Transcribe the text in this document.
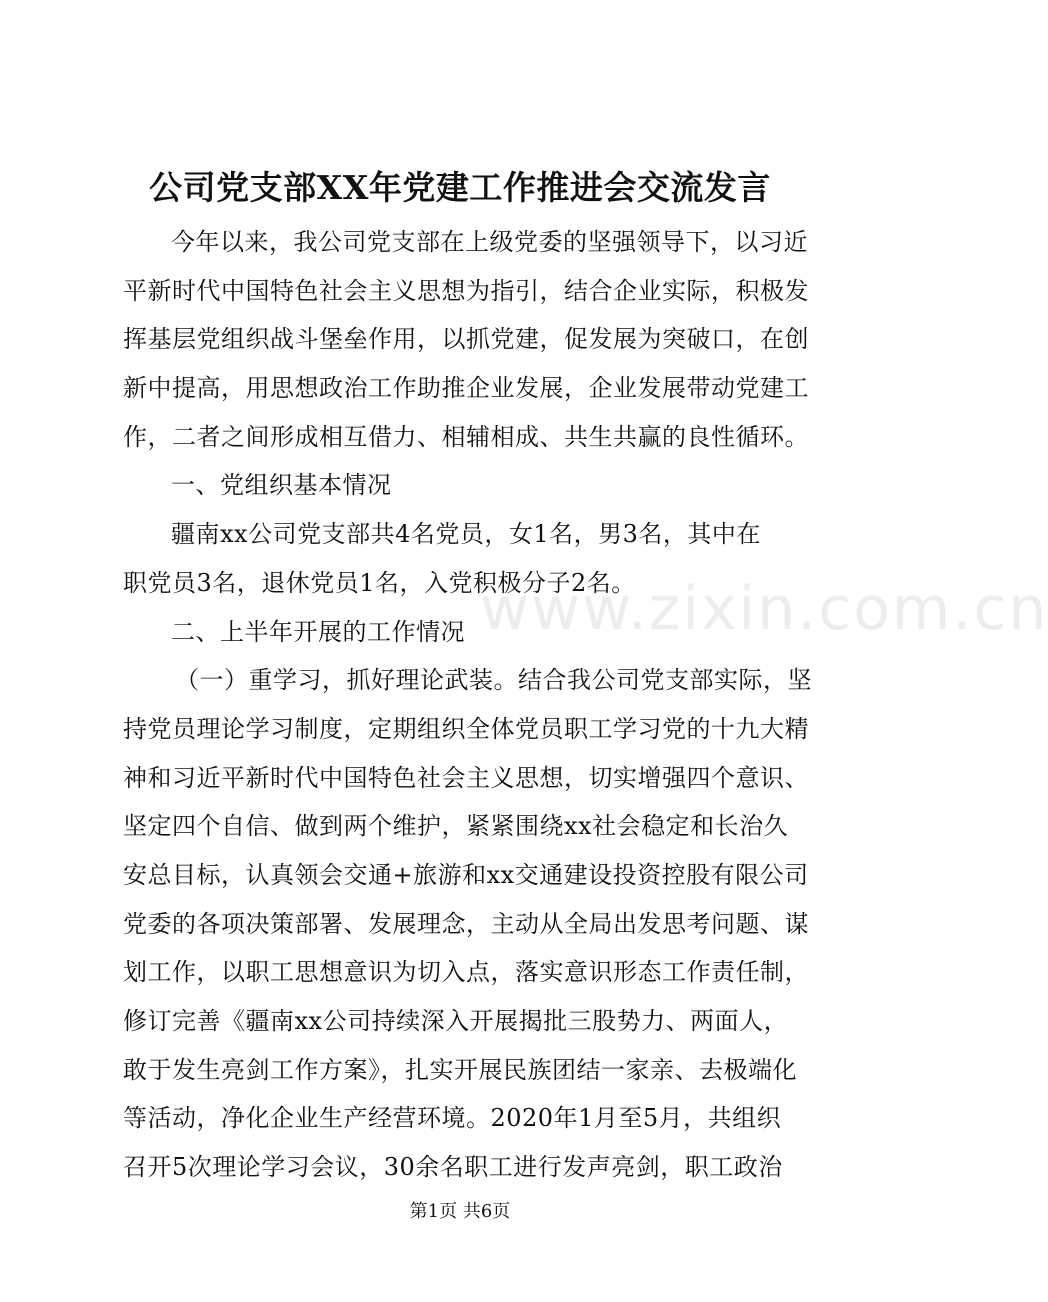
公司党支部XX年党建工作推进会交流发言
今年以来，我公司党支部在上级党委的坚强领导下，以习近
平新时代中国特色社会主义思想为指引，结合企业实际，积极发
挥基层党组织战斗堡垒作用，以抓党建，促发展为突破口，在创
新中提高，用思想政治工作助推企业发展，企业发展带动党建工
作，二者之间形成相互借力、相辅相成、共生共赢的良性循环。
一、党组织基本情况
疆南xx公司党支部共4名党员，女1名，男3名，其中在
职党员3名，退休党员1名，入党积极分子2名。
二、上半年开展的工作情况
（一）重学习，抓好理论武装。结合我公司党支部实际，坚
持党员理论学习制度，定期组织全体党员职工学习党的十九大精
神和习近平新时代中国特色社会主义思想，切实增强四个意识、
坚定四个自信、做到两个维护，紧紧围绕xx社会稳定和长治久
安总目标，认真领会交通+旅游和xx交通建设投资控股有限公司
党委的各项决策部署、发展理念，主动从全局出发思考问题、谋
划工作，以职工思想意识为切入点，落实意识形态工作责任制，
修订完善《疆南xx公司持续深入开展揭批三股势力、两面人，
敢于发生亮剑工作方案》，扎实开展民族团结一家亲、去极端化
等活动，净化企业生产经营环境。2020年1月至5月，共组织
召开5次理论学习会议，30余名职工进行发声亮剑，职工政治
www.zixin.com.cn
第1页 共6页
